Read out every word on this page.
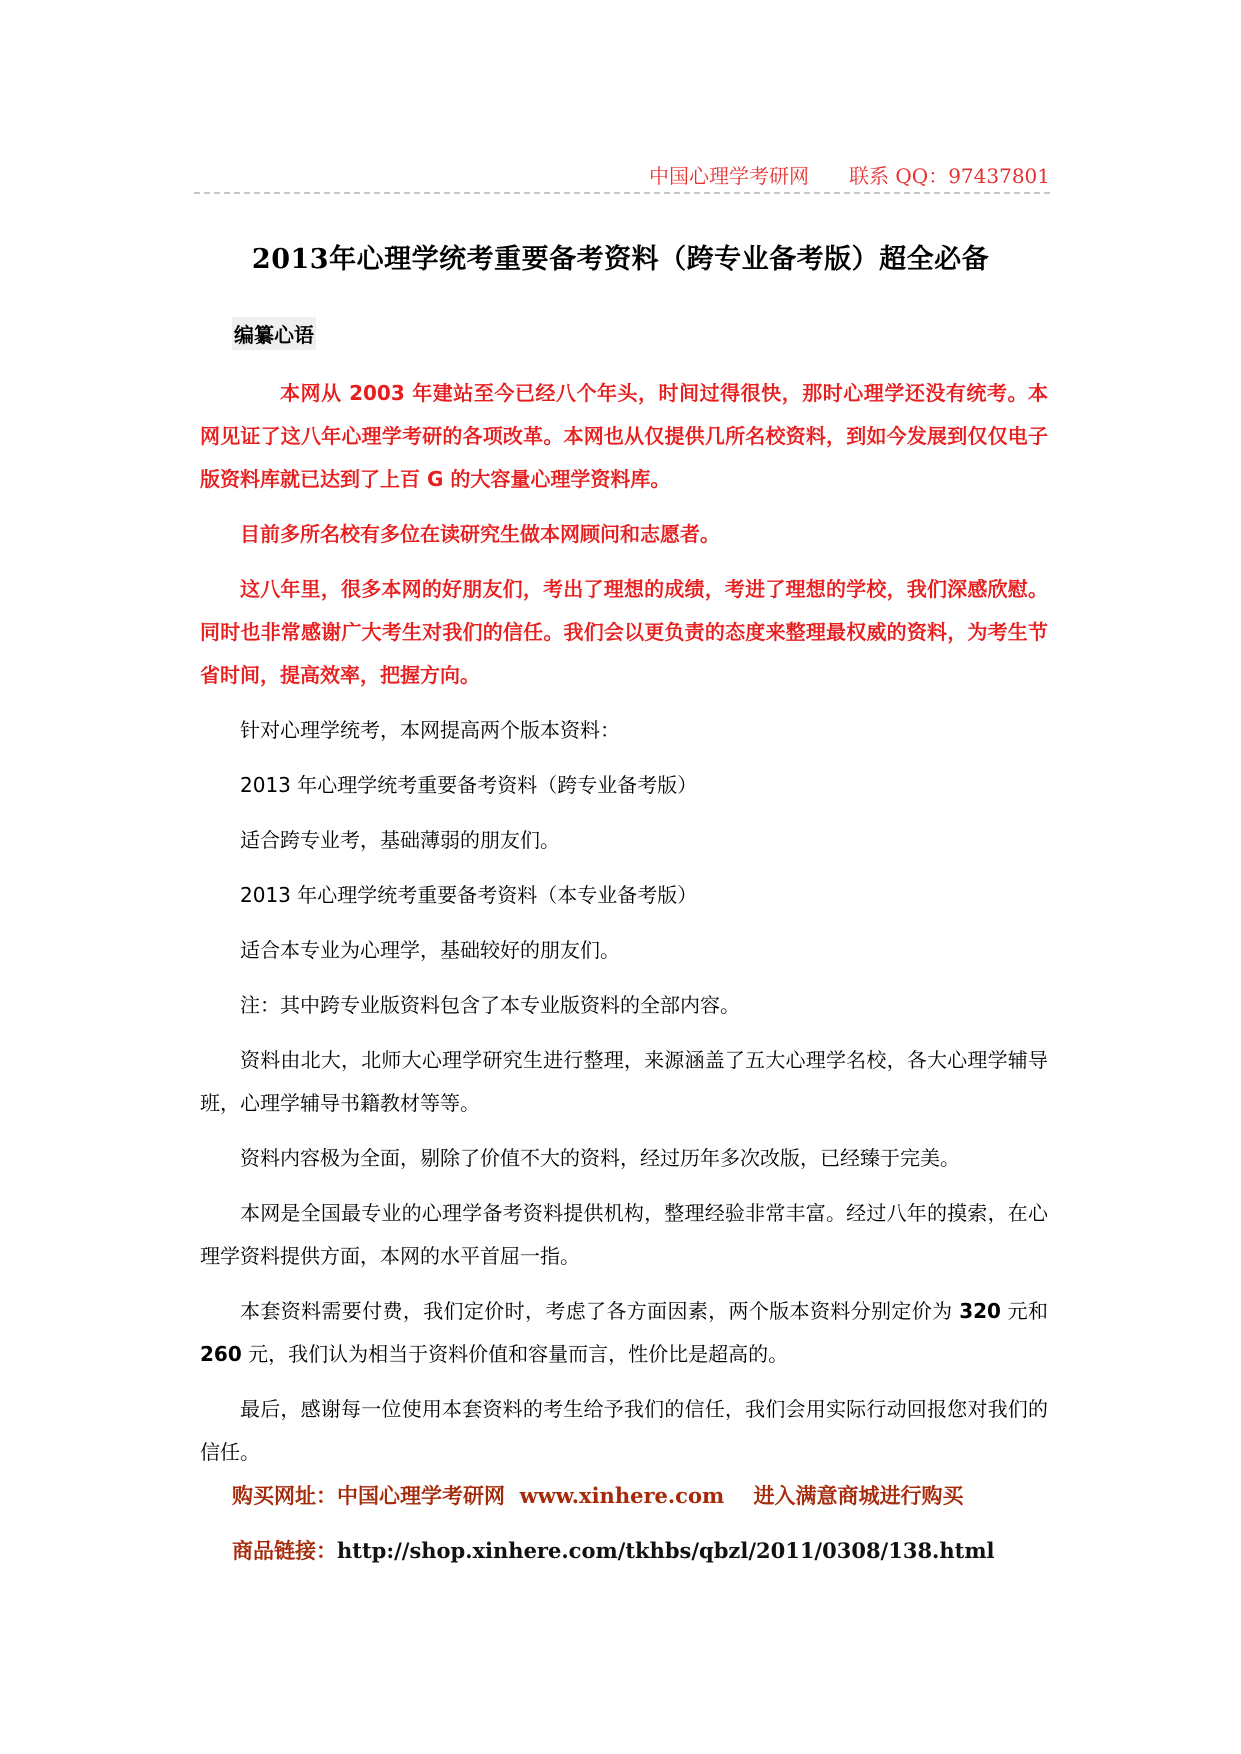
中国心理学考研网 联系 QQ：97437801
2013年心理学统考重要备考资料（跨专业备考版）超全必备
编纂心语

本网从 2003 年建站至今已经八个年头，时间过得很快，那时心理学还没有统考。本网见证了这八年心理学考研的各项改革。本网也从仅提供几所名校资料，到如今发展到仅仅电子版资料库就已达到了上百 G 的大容量心理学资料库。

目前多所名校有多位在读研究生做本网顾问和志愿者。

这八年里，很多本网的好朋友们，考出了理想的成绩，考进了理想的学校，我们深感欣慰。同时也非常感谢广大考生对我们的信任。我们会以更负责的态度来整理最权威的资料，为考生节省时间，提高效率，把握方向。

针对心理学统考，本网提高两个版本资料：

2013 年心理学统考重要备考资料（跨专业备考版）

适合跨专业考，基础薄弱的朋友们。

2013 年心理学统考重要备考资料（本专业备考版）

适合本专业为心理学，基础较好的朋友们。

注：其中跨专业版资料包含了本专业版资料的全部内容。

资料由北大，北师大心理学研究生进行整理，来源涵盖了五大心理学名校，各大心理学辅导班，心理学辅导书籍教材等等。

资料内容极为全面，剔除了价值不大的资料，经过历年多次改版，已经臻于完美。

本网是全国最专业的心理学备考资料提供机构，整理经验非常丰富。经过八年的摸索，在心理学资料提供方面，本网的水平首屈一指。

本套资料需要付费，我们定价时，考虑了各方面因素，两个版本资料分别定价为 320 元和 260 元，我们认为相当于资料价值和容量而言，性价比是超高的。

最后，感谢每一位使用本套资料的考生给予我们的信任，我们会用实际行动回报您对我们的信任。

购买网址：中国心理学考研网 www.xinhere.com 进入满意商城进行购买
商品链接：http://shop.xinhere.com/tkhbs/qbzl/2011/0308/138.html
